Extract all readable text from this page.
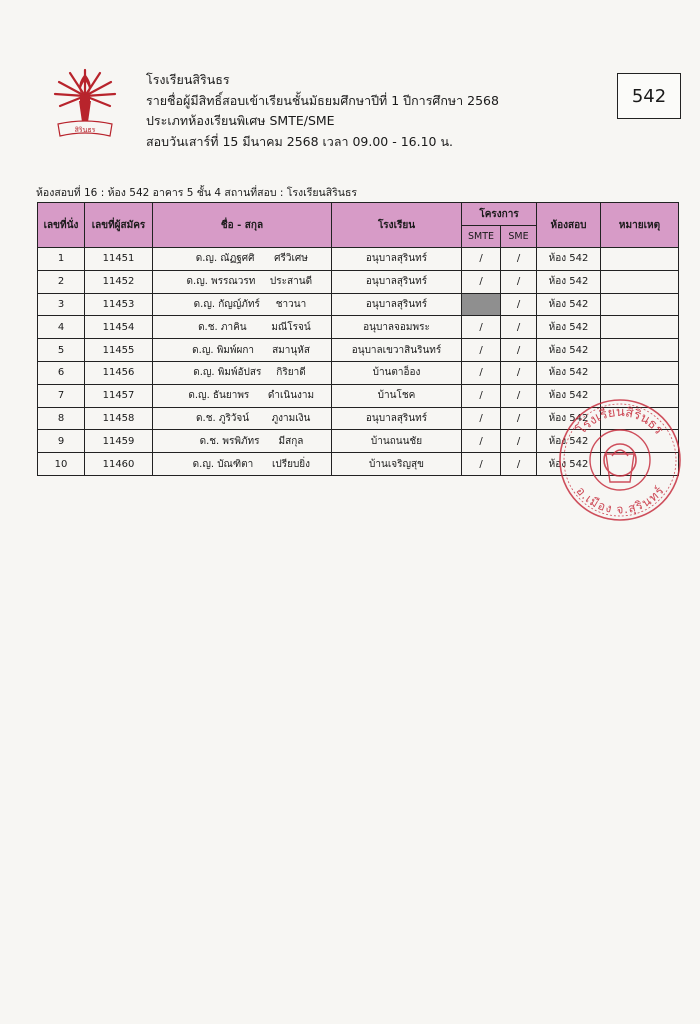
สิรินธร
โรงเรียนสิรินธร
รายชื่อผู้มีสิทธิ์สอบเข้าเรียนชั้นมัธยมศึกษาปีที่ 1 ปีการศึกษา 2568
ประเภทห้องเรียนพิเศษ SMTE/SME
สอบวันเสาร์ที่ 15 มีนาคม 2568 เวลา 09.00 - 16.10 น.
542
ห้องสอบที่ 16 : ห้อง 542 อาคาร 5 ชั้น 4 สถานที่สอบ : โรงเรียนสิรินธร
เลขที่นั่ง	เลขที่ผู้สมัคร	ชื่อ - สกุล	โรงเรียน	โครงการ		ห้องสอบ	หมายเหตุ
				SMTE	SME		
1	11451	ด.ญ. ณัฏฐศศิ ศรีวิเศษ	อนุบาลสุรินทร์	/	/	ห้อง 542	
2	11452	ด.ญ. พรรณวรท ประสานดี	อนุบาลสุรินทร์	/	/	ห้อง 542	
3	11453	ด.ญ. กัญญ์ภัทร์ ชาวนา	อนุบาลสุรินทร์		/	ห้อง 542	
4	11454	ด.ช. ภาคิน มณีโรจน์	อนุบาลจอมพระ	/	/	ห้อง 542	
5	11455	ด.ญ. พิมพ์ผกา สมานุหัส	อนุบาลเขวาสินรินทร์	/	/	ห้อง 542	
6	11456	ด.ญ. พิมพ์อัปสร กิริยาดี	บ้านตาอ็อง	/	/	ห้อง 542	
7	11457	ด.ญ. ธันยาพร ดำเนินงาม	บ้านโชค	/	/	ห้อง 542	
8	11458	ด.ช. ภูริวัจน์ ภูงามเงิน	อนุบาลสุรินทร์	/	/	ห้อง 542	
9	11459	ด.ช. พรพิภัทร มีสกุล	บ้านถนนชัย	/	/	ห้อง 542	
10	11460	ด.ญ. บัณฑิตา เปรียบยิ่ง	บ้านเจริญสุข	/	/	ห้อง 542	
โรงเรียนสิรินธร
อ.เมือง จ.สุรินทร์
